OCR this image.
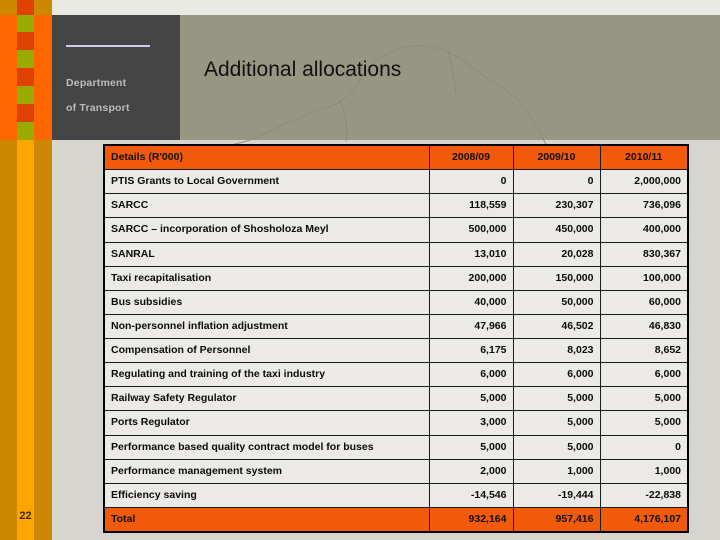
Department
of Transport
Additional allocations
22
Details (R'000)	2008/09	2009/10	2010/11
PTIS Grants to Local Government	0	0	2,000,000
SARCC	118,559	230,307	736,096
SARCC – incorporation of Shosholoza Meyl	500,000	450,000	400,000
SANRAL	13,010	20,028	830,367
Taxi recapitalisation	200,000	150,000	100,000
Bus subsidies	40,000	50,000	60,000
Non-personnel inflation adjustment	47,966	46,502	46,830
Compensation of Personnel	6,175	8,023	8,652
Regulating and training of the taxi industry	6,000	6,000	6,000
Railway Safety Regulator	5,000	5,000	5,000
Ports Regulator	3,000	5,000	5,000
Performance based quality contract model for buses	5,000	5,000	0
Performance management system	2,000	1,000	1,000
Efficiency saving	-14,546	-19,444	-22,838
Total	932,164	957,416	4,176,107
